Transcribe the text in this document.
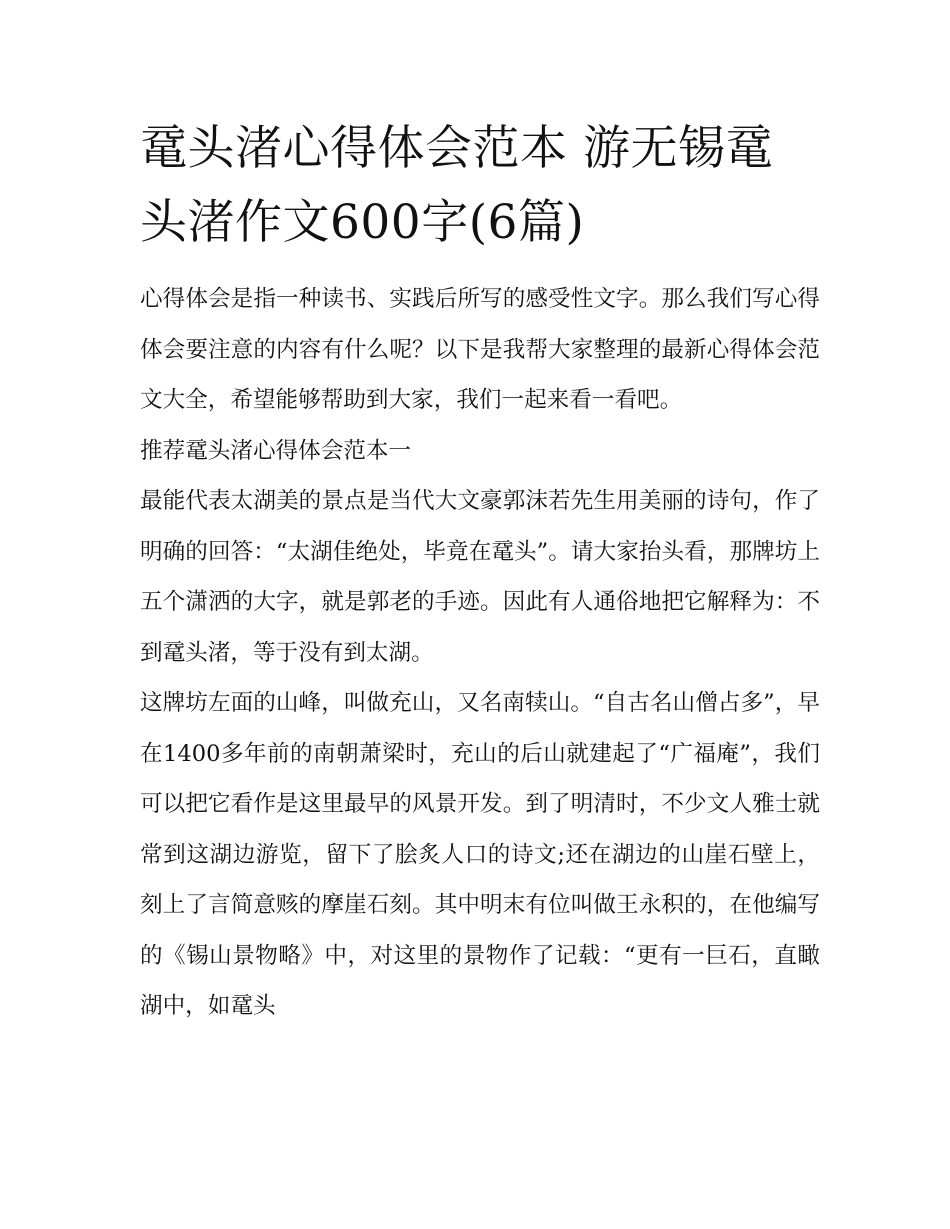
鼋头渚心得体会范本 游无锡鼋头渚作文600字(6篇)

心得体会是指一种读书、实践后所写的感受性文字。那么我们写心得体会要注意的内容有什么呢？以下是我帮大家整理的最新心得体会范文大全，希望能够帮助到大家，我们一起来看一看吧。

推荐鼋头渚心得体会范本一

最能代表太湖美的景点是当代大文豪郭沫若先生用美丽的诗句，作了明确的回答：“太湖佳绝处，毕竟在鼋头”。请大家抬头看，那牌坊上五个潇洒的大字，就是郭老的手迹。因此有人通俗地把它解释为：不到鼋头渚，等于没有到太湖。

这牌坊左面的山峰，叫做充山，又名南犊山。“自古名山僧占多”，早在1400多年前的南朝萧梁时，充山的后山就建起了“广福庵”，我们可以把它看作是这里最早的风景开发。到了明清时，不少文人雅士就常到这湖边游览，留下了脍炙人口的诗文;还在湖边的山崖石壁上，刻上了言简意赅的摩崖石刻。其中明末有位叫做王永积的，在他编写的《锡山景物略》中，对这里的景物作了记载：“更有一巨石，直瞰湖中，如鼋头
